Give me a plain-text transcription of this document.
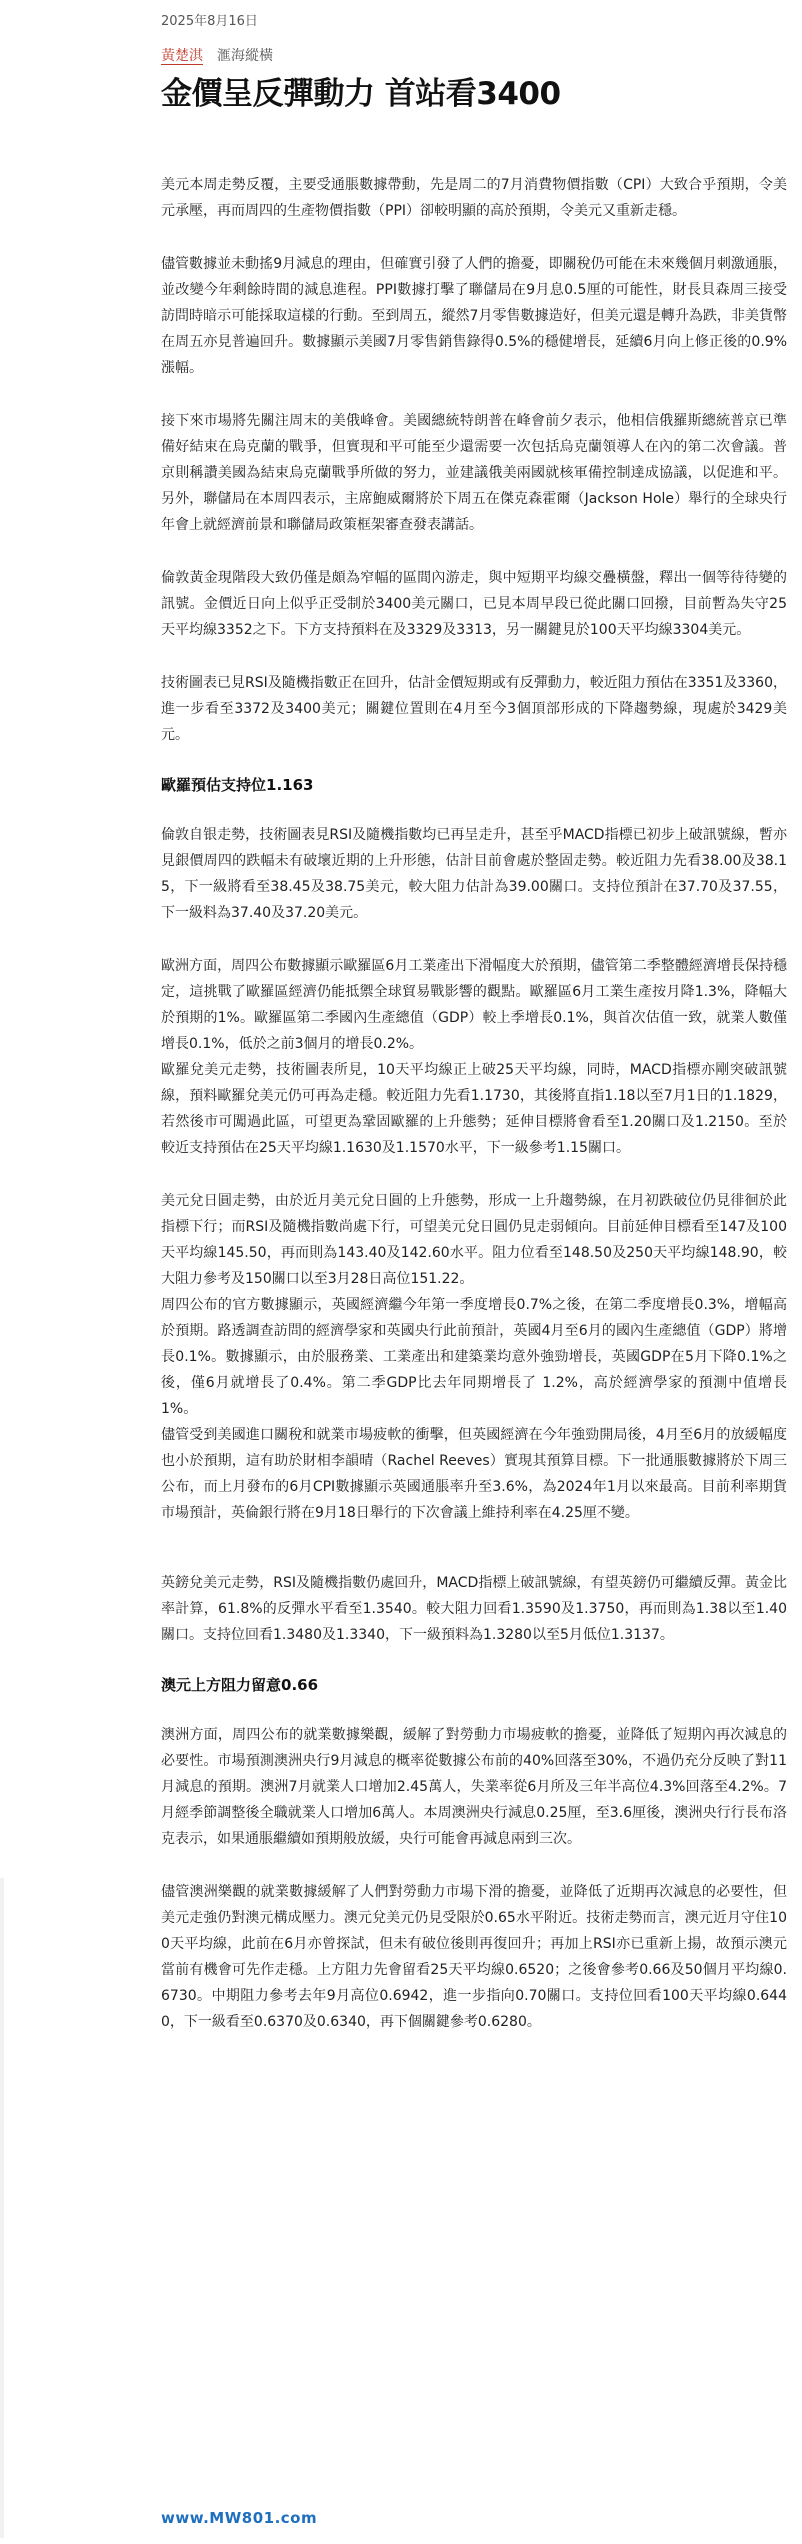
2025年8月16日

黃楚淇 滙海縱橫

金價呈反彈動力 首站看3400

美元本周走勢反覆，主要受通脹數據帶動，先是周二的7月消費物價指數（CPI）大致合乎預期，令美元承壓，再而周四的生產物價指數（PPI）卻較明顯的高於預期，令美元又重新走穩。

儘管數據並未動搖9月減息的理由，但確實引發了人們的擔憂，即關稅仍可能在未來幾個月刺激通脹，並改變今年剩餘時間的減息進程。PPI數據打擊了聯儲局在9月息0.5厘的可能性，財長貝森周三接受訪問時暗示可能採取這樣的行動。至到周五，縱然7月零售數據造好，但美元還是轉升為跌，非美貨幣在周五亦見普遍回升。數據顯示美國7月零售銷售錄得0.5%的穩健增長，延續6月向上修正後的0.9%漲幅。

接下來市場將先關注周末的美俄峰會。美國總統特朗普在峰會前夕表示，他相信俄羅斯總統普京已準備好結束在烏克蘭的戰爭，但實現和平可能至少還需要一次包括烏克蘭領導人在內的第二次會議。普京則稱讚美國為結束烏克蘭戰爭所做的努力，並建議俄美兩國就核軍備控制達成協議，以促進和平。另外，聯儲局在本周四表示，主席鮑威爾將於下周五在傑克森霍爾（Jackson Hole）舉行的全球央行年會上就經濟前景和聯儲局政策框架審查發表講話。

倫敦黃金現階段大致仍僅是頗為窄幅的區間內游走，與中短期平均線交疊橫盤，釋出一個等待待變的訊號。金價近日向上似乎正受制於3400美元關口，已見本周早段已從此關口回撥，目前暫為失守25天平均線3352之下。下方支持預料在及3329及3313，另一關鍵見於100天平均線3304美元。

技術圖表已見RSI及隨機指數正在回升，估計金價短期或有反彈動力，較近阻力預估在3351及3360，進一步看至3372及3400美元；關鍵位置則在4月至今3個頂部形成的下降趨勢線，現處於3429美元。

歐羅預估支持位1.163

倫敦自银走勢，技術圖表見RSI及隨機指數均已再呈走升，甚至乎MACD指標已初步上破訊號線，暫亦見銀價周四的跌幅未有破壞近期的上升形態，估計目前會處於整固走勢。較近阻力先看38.00及38.15，下一級將看至38.45及38.75美元，較大阻力估計為39.00關口。支持位預計在37.70及37.55，下一級料為37.40及37.20美元。

歐洲方面，周四公布數據顯示歐羅區6月工業產出下滑幅度大於預期，儘管第二季整體經濟增長保持穩定，這挑戰了歐羅區經濟仍能抵禦全球貿易戰影響的觀點。歐羅區6月工業生產按月降1.3%，降幅大於預期的1%。歐羅區第二季國內生產總值（GDP）較上季增長0.1%，與首次估值一致，就業人數僅增長0.1%，低於之前3個月的增長0.2%。

歐羅兌美元走勢，技術圖表所見，10天平均線正上破25天平均線，同時，MACD指標亦剛突破訊號線，預料歐羅兌美元仍可再為走穩。較近阻力先看1.1730，其後將直指1.18以至7月1日的1.1829，若然後市可闖過此區，可望更為鞏固歐羅的上升態勢；延伸目標將會看至1.20關口及1.2150。至於較近支持預估在25天平均線1.1630及1.1570水平，下一級參考1.15關口。

美元兌日圓走勢，由於近月美元兌日圓的上升態勢，形成一上升趨勢線，在月初跌破位仍見徘徊於此指標下行；而RSI及隨機指數尚處下行，可望美元兌日圓仍見走弱傾向。目前延伸目標看至147及100天平均線145.50，再而則為143.40及142.60水平。阻力位看至148.50及250天平均線148.90，較大阻力參考及150關口以至3月28日高位151.22。

周四公布的官方數據顯示，英國經濟繼今年第一季度增長0.7%之後，在第二季度增長0.3%，增幅高於預期。路透調查訪問的經濟學家和英國央行此前預計，英國4月至6月的國內生產總值（GDP）將增長0.1%。數據顯示，由於服務業、工業產出和建築業均意外強勁增長，英國GDP在5月下降0.1%之後，僅6月就增長了0.4%。第二季GDP比去年同期增長了 1.2%，高於經濟學家的預測中值增長1%。

儘管受到美國進口關稅和就業市場疲軟的衝擊，但英國經濟在今年強勁開局後，4月至6月的放緩幅度也小於預期，這有助於財相李韻晴（Rachel Reeves）實現其預算目標。下一批通脹數據將於下周三公布，而上月發布的6月CPI數據顯示英國通脹率升至3.6%，為2024年1月以來最高。目前利率期貨市場預計，英倫銀行將在9月18日舉行的下次會議上維持利率在4.25厘不變。

英鎊兌美元走勢，RSI及隨機指數仍處回升，MACD指標上破訊號線，有望英鎊仍可繼續反彈。黃金比率計算，61.8%的反彈水平看至1.3540。較大阻力回看1.3590及1.3750，再而則為1.38以至1.40關口。支持位回看1.3480及1.3340，下一級預料為1.3280以至5月低位1.3137。

澳元上方阻力留意0.66

澳洲方面，周四公布的就業數據樂觀，緩解了對勞動力市場疲軟的擔憂，並降低了短期內再次減息的必要性。市場預測澳洲央行9月減息的概率從數據公布前的40%回落至30%，不過仍充分反映了對11月減息的預期。澳洲7月就業人口增加2.45萬人，失業率從6月所及三年半高位4.3%回落至4.2%。7月經季節調整後全職就業人口增加6萬人。本周澳洲央行減息0.25厘，至3.6厘後，澳洲央行行長布洛克表示，如果通脹繼續如預期般放緩，央行可能會再減息兩到三次。

儘管澳洲樂觀的就業數據緩解了人們對勞動力市場下滑的擔憂，並降低了近期再次減息的必要性，但美元走強仍對澳元構成壓力。澳元兌美元仍見受限於0.65水平附近。技術走勢而言，澳元近月守住100天平均線，此前在6月亦曾探試，但未有破位後則再復回升；再加上RSI亦已重新上揚，故預示澳元當前有機會可先作走穩。上方阻力先會留看25天平均線0.6520；之後會參考0.66及50個月平均線0.6730。中期阻力參考去年9月高位0.6942，進一步指向0.70關口。支持位回看100天平均線0.6440，下一級看至0.6370及0.6340，再下個關鍵參考0.6280。

www.MW801.com
